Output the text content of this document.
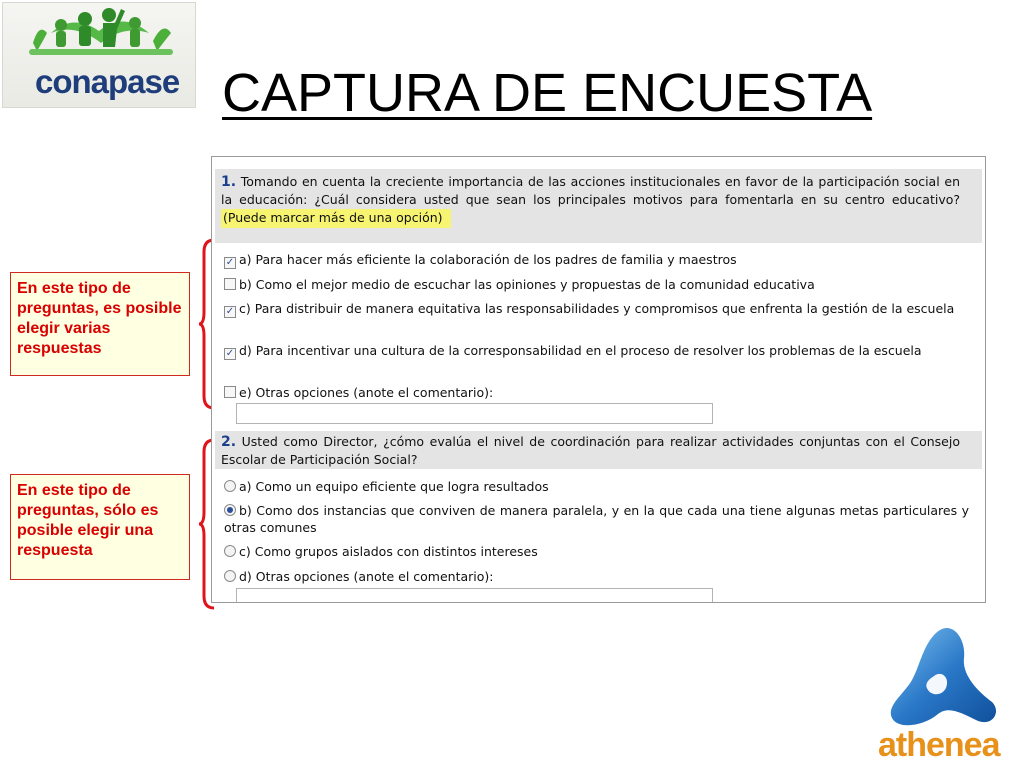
conapase CAPTURA DE ENCUESTA
En este tipo de preguntas, es posible elegir varias respuestas
En este tipo de preguntas, sólo es posible elegir una respuesta
1. Tomando en cuenta la creciente importancia de las acciones institucionales en favor de la participación social en la educación: ¿Cuál considera usted que sean los principales motivos para fomentarla en su centro educativo? (Puede marcar más de una opción)
✓ a) Para hacer más eficiente la colaboración de los padres de familia y maestros
b) Como el mejor medio de escuchar las opiniones y propuestas de la comunidad educativa
✓ c) Para distribuir de manera equitativa las responsabilidades y compromisos que enfrenta la gestión de la escuela
✓ d) Para incentivar una cultura de la corresponsabilidad en el proceso de resolver los problemas de la escuela
e) Otras opciones (anote el comentario):
2. Usted como Director, ¿cómo evalúa el nivel de coordinación para realizar actividades conjuntas con el Consejo Escolar de Participación Social?
a) Como un equipo eficiente que logra resultados
b) Como dos instancias que conviven de manera paralela, y en la que cada una tiene algunas metas particulares y otras comunes
c) Como grupos aislados con distintos intereses
d) Otras opciones (anote el comentario):
athenea
